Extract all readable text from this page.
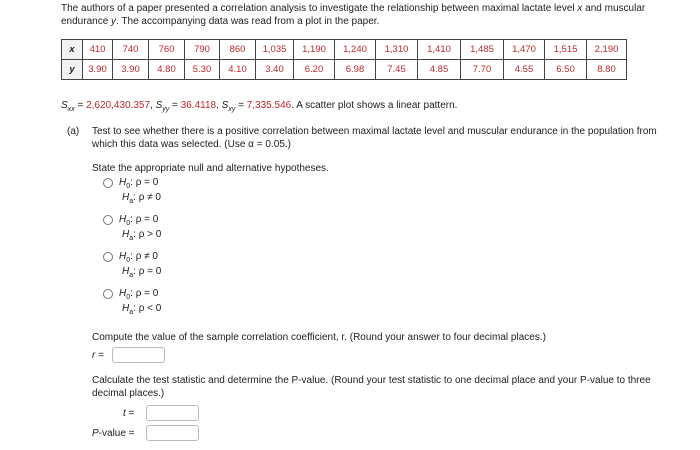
The authors of a paper presented a correlation analysis to investigate the relationship between maximal lactate level x and muscular endurance y. The accompanying data was read from a plot in the paper.
x	410	740	760	790	860	1,035	1,190	1,240	1,310	1,410	1,485	1,470	1,515	2,190
y	3.90	3.90	4.80	5.30	4.10	3.40	6.20	6.98	7.45	4.85	7.70	4.55	6.50	8.80
$S_{xx} = 2,620,430.357$, $S_{yy} = 36.4118$, $S_{xy} = 7,335.546$. A scatter plot shows a linear pattern.
(a) Test to see whether there is a positive correlation between maximal lactate level and muscular endurance in the population from which this data was selected. (Use α = 0.05.)
State the appropriate null and alternative hypotheses.
$H_0$: ρ = 0
$H_a$: ρ ≠ 0
$H_0$: ρ = 0
$H_a$: ρ > 0
$H_0$: ρ ≠ 0
$H_a$: ρ = 0
$H_0$: ρ = 0
$H_a$: ρ < 0
Compute the value of the sample correlation coefficient, r. (Round your answer to four decimal places.)
r =
Calculate the test statistic and determine the P-value. (Round your test statistic to one decimal place and your P-value to three decimal places.)
t =
P-value =
